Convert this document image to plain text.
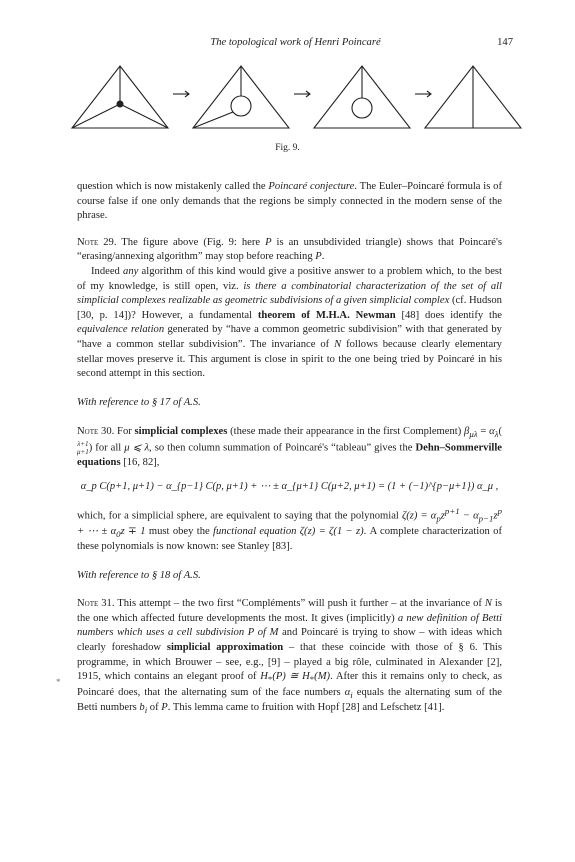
The topological work of Henri Poincaré	147
Fig. 9.

question which is now mistakenly called the Poincaré conjecture. The Euler–Poincaré formula is of course false if one only demands that the regions be simply connected in the modern sense of the phrase.

Note 29. The figure above (Fig. 9: here P is an unsubdivided triangle) shows that Poincaré's “erasing/annexing algorithm” may stop before reaching P.

Indeed any algorithm of this kind would give a positive answer to a problem which, to the best of my knowledge, is still open, viz. is there a combinatorial characterization of the set of all simplicial complexes realizable as geometric subdivisions of a given simplicial complex (cf. Hudson [30, p. 14])? However, a fundamental theorem of M.H.A. Newman [48] does identify the equivalence relation generated by “have a common geometric subdivision” with that generated by “have a common stellar subdivision”. The invariance of N follows because clearly elementary stellar moves preserve it. This argument is close in spirit to the one being tried by Poincaré in his second attempt in this section.

With reference to § 17 of A.S.

Note 30. For simplicial complexes (these made their appearance in the first Complement) $\beta_{\mu\lambda} = \alpha_\lambda(\lambda+1$
μ+1) for all μ ⩽ λ, so then column summation of Poincaré's “tableau” gives the Dehn–Sommerville equations [16, 82],

α_p C(p+1, μ+1) − α_{p−1} C(p, μ+1) + ⋯ ± α_{μ+1} C(μ+2, μ+1) = (1 + (−1)^{p−μ+1}) α_μ ,

which, for a simplicial sphere, are equivalent to saying that the polynomial $\zeta(z) = \alpha_pz^{p+1} - \alpha_{p-1}z^p$ + ⋯ ± $\alpha_0z \mp 1$ must obey the functional equation ζ(z) = ζ(1 − z). A complete characterization of these polynomials is now known: see Stanley [83].

With reference to § 18 of A.S.

Note 31. This attempt – the two first “Compléments” will push it further – at the invariance of N is the one which affected future developments the most. It gives (implicitly) a new definition of Betti numbers which uses a cell subdivision P of M and Poincaré is trying to show – with ideas which clearly foreshadow simplicial approximation – that these coincide with those of § 6. This programme, in which Brouwer – see, e.g., [9] – played a big rôle, culminated in Alexander [2], 1915, which contains an elegant proof of $H_*(P)$ ≅ $H_*(M)$. After this it remains only to check, as Poincaré does, that the alternating sum of the face numbers $\alpha_i$ equals the alternating sum of the Betti numbers $b_i$ of P. This lemma came to fruition with Hopf [28] and Lefschetz [41].

*
